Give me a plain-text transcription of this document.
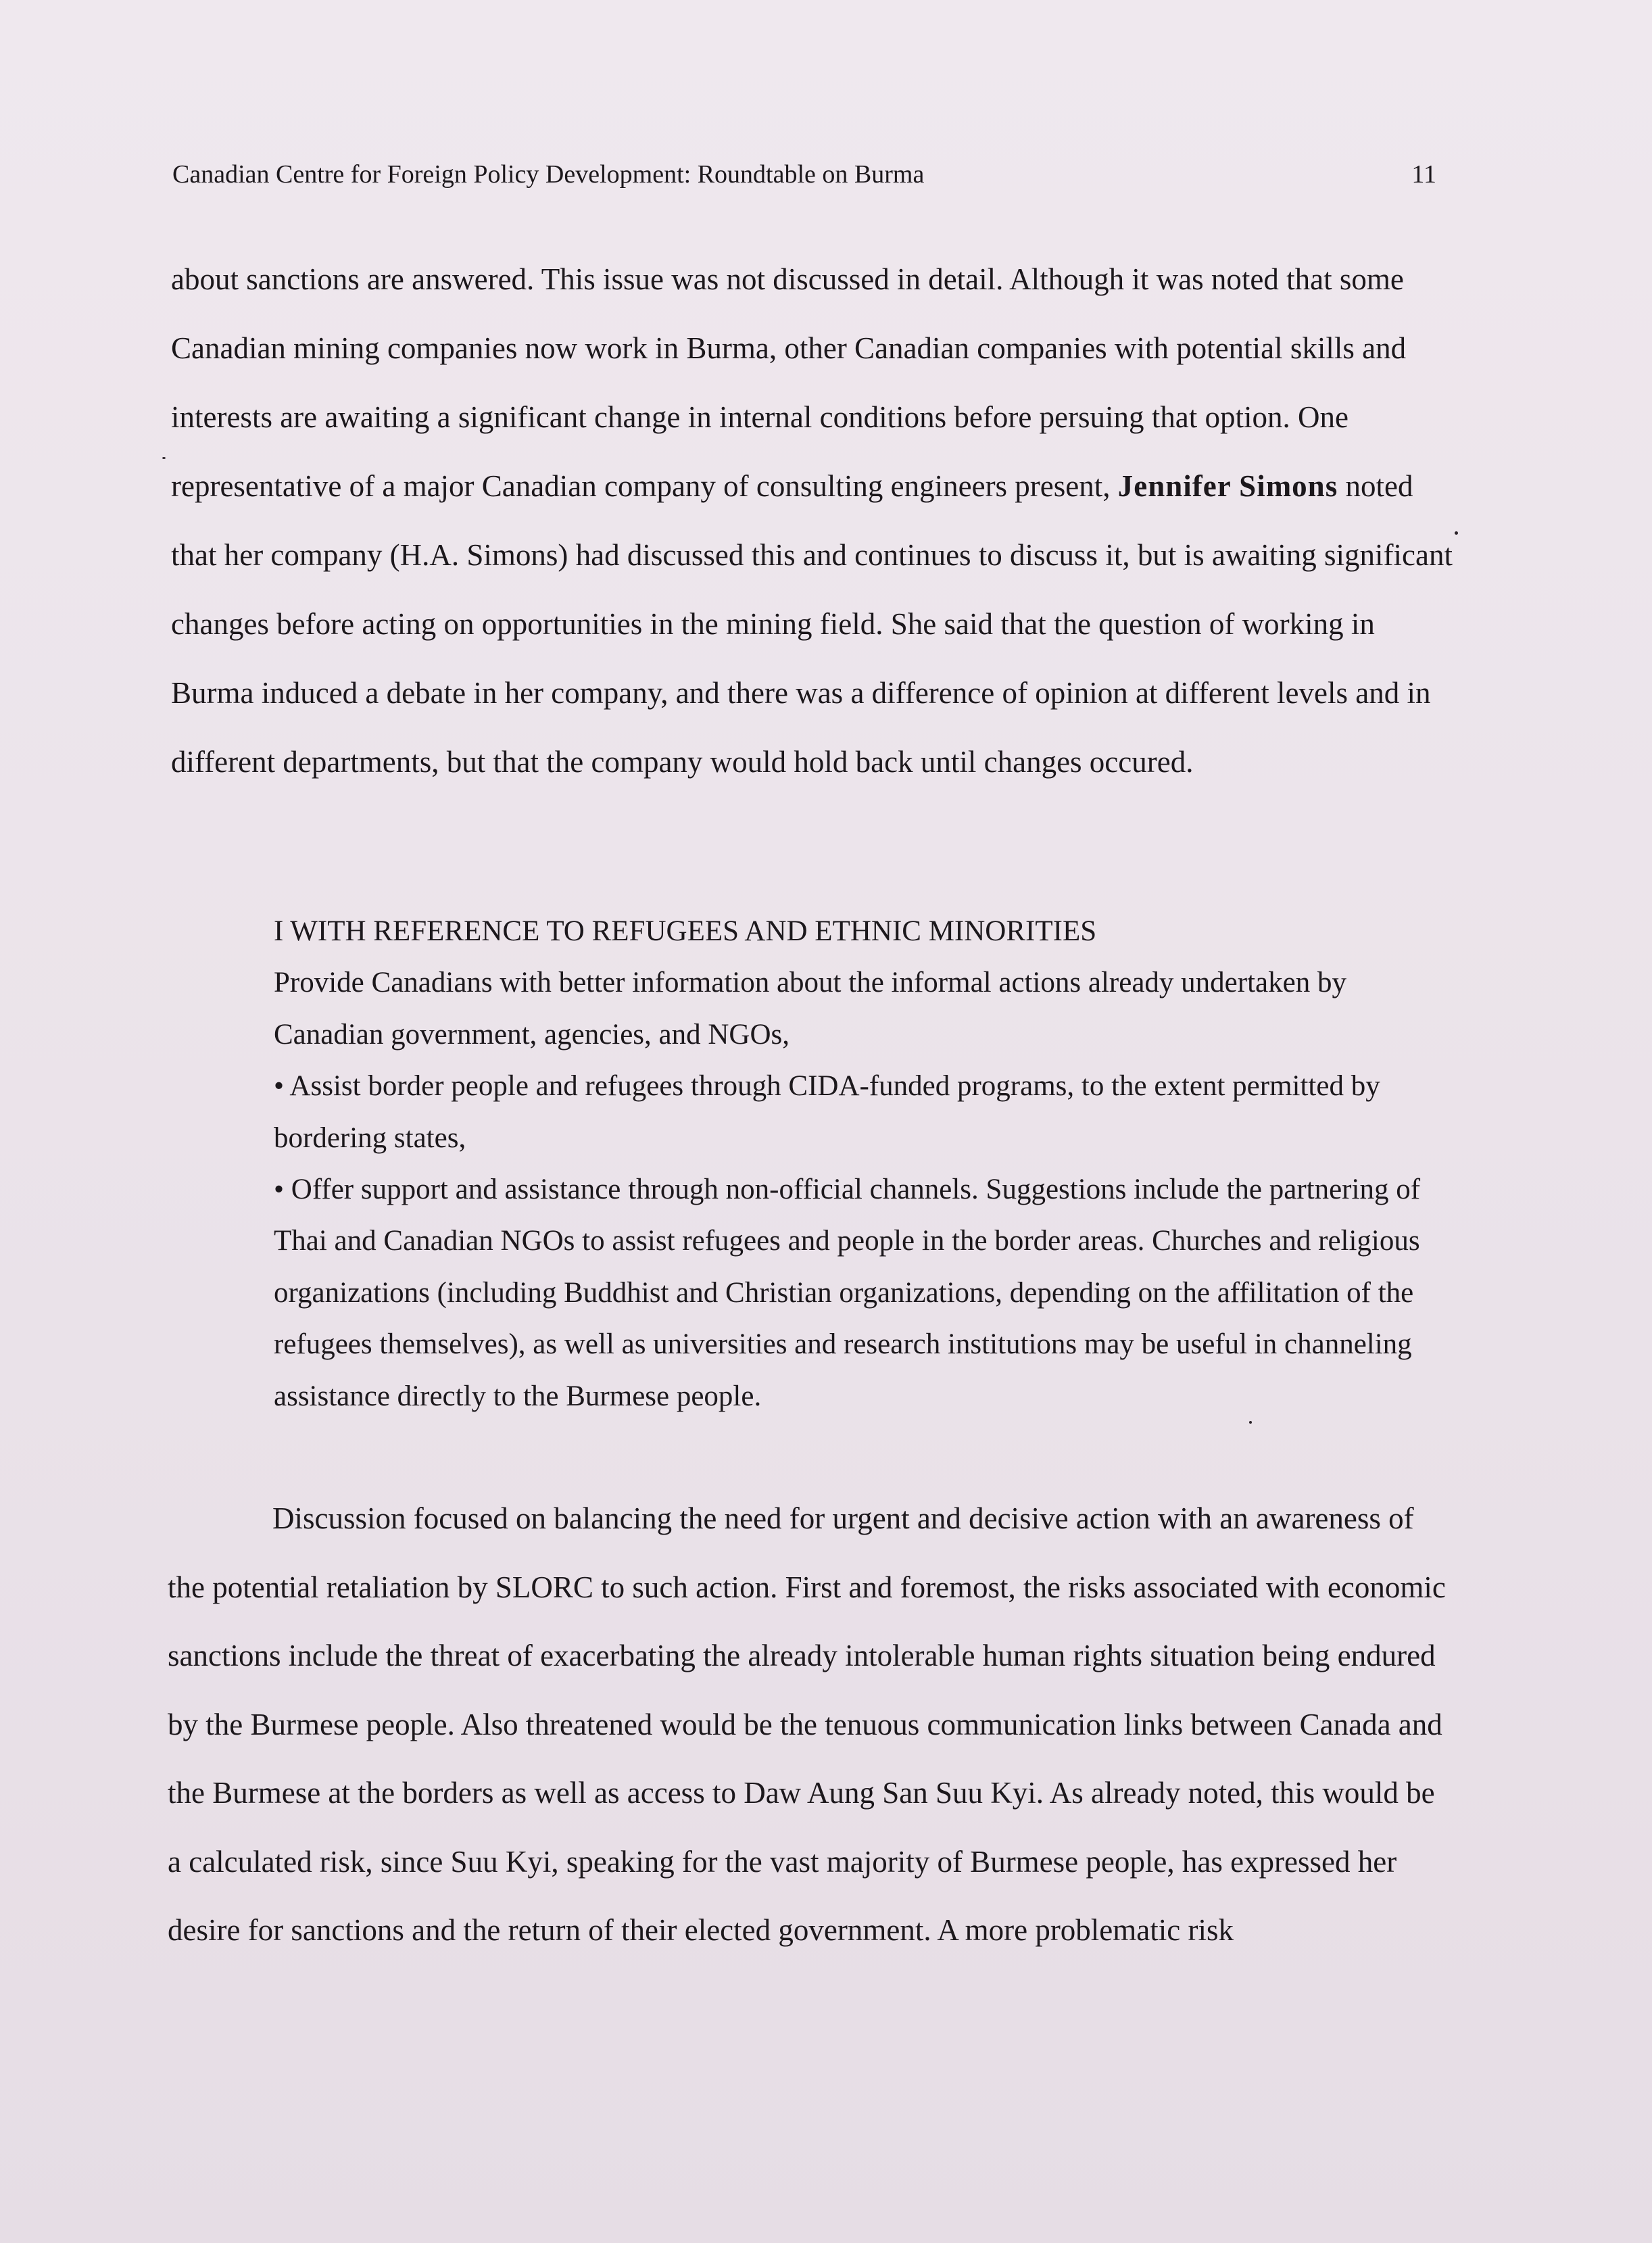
Canadian Centre for Foreign Policy Development: Roundtable on Burma	11

about sanctions are answered. This issue was not discussed in detail. Although it was noted that some Canadian mining companies now work in Burma, other Canadian companies with potential skills and interests are awaiting a significant change in internal conditions before persuing that option. One representative of a major Canadian company of consulting engineers present, Jennifer Simons noted that her company (H.A. Simons) had discussed this and continues to discuss it, but is awaiting significant changes before acting on opportunities in the mining field. She said that the question of working in Burma induced a debate in her company, and there was a difference of opinion at different levels and in different departments, but that the company would hold back until changes occured.

I WITH REFERENCE TO REFUGEES AND ETHNIC MINORITIES

Provide Canadians with better information about the informal actions already undertaken by Canadian government, agencies, and NGOs,

• Assist border people and refugees through CIDA-funded programs, to the extent permitted by bordering states,

• Offer support and assistance through non-official channels. Suggestions include the partnering of Thai and Canadian NGOs to assist refugees and people in the border areas. Churches and religious organizations (including Buddhist and Christian organizations, depending on the affilitation of the refugees themselves), as well as universities and research institutions may be useful in channeling assistance directly to the Burmese people.

Discussion focused on balancing the need for urgent and decisive action with an awareness of the potential retaliation by SLORC to such action. First and foremost, the risks associated with economic sanctions include the threat of exacerbating the already intolerable human rights situation being endured by the Burmese people. Also threatened would be the tenuous communication links between Canada and the Burmese at the borders as well as access to Daw Aung San Suu Kyi. As already noted, this would be a calculated risk, since Suu Kyi, speaking for the vast majority of Burmese people, has expressed her desire for sanctions and the return of their elected government. A more problematic risk
